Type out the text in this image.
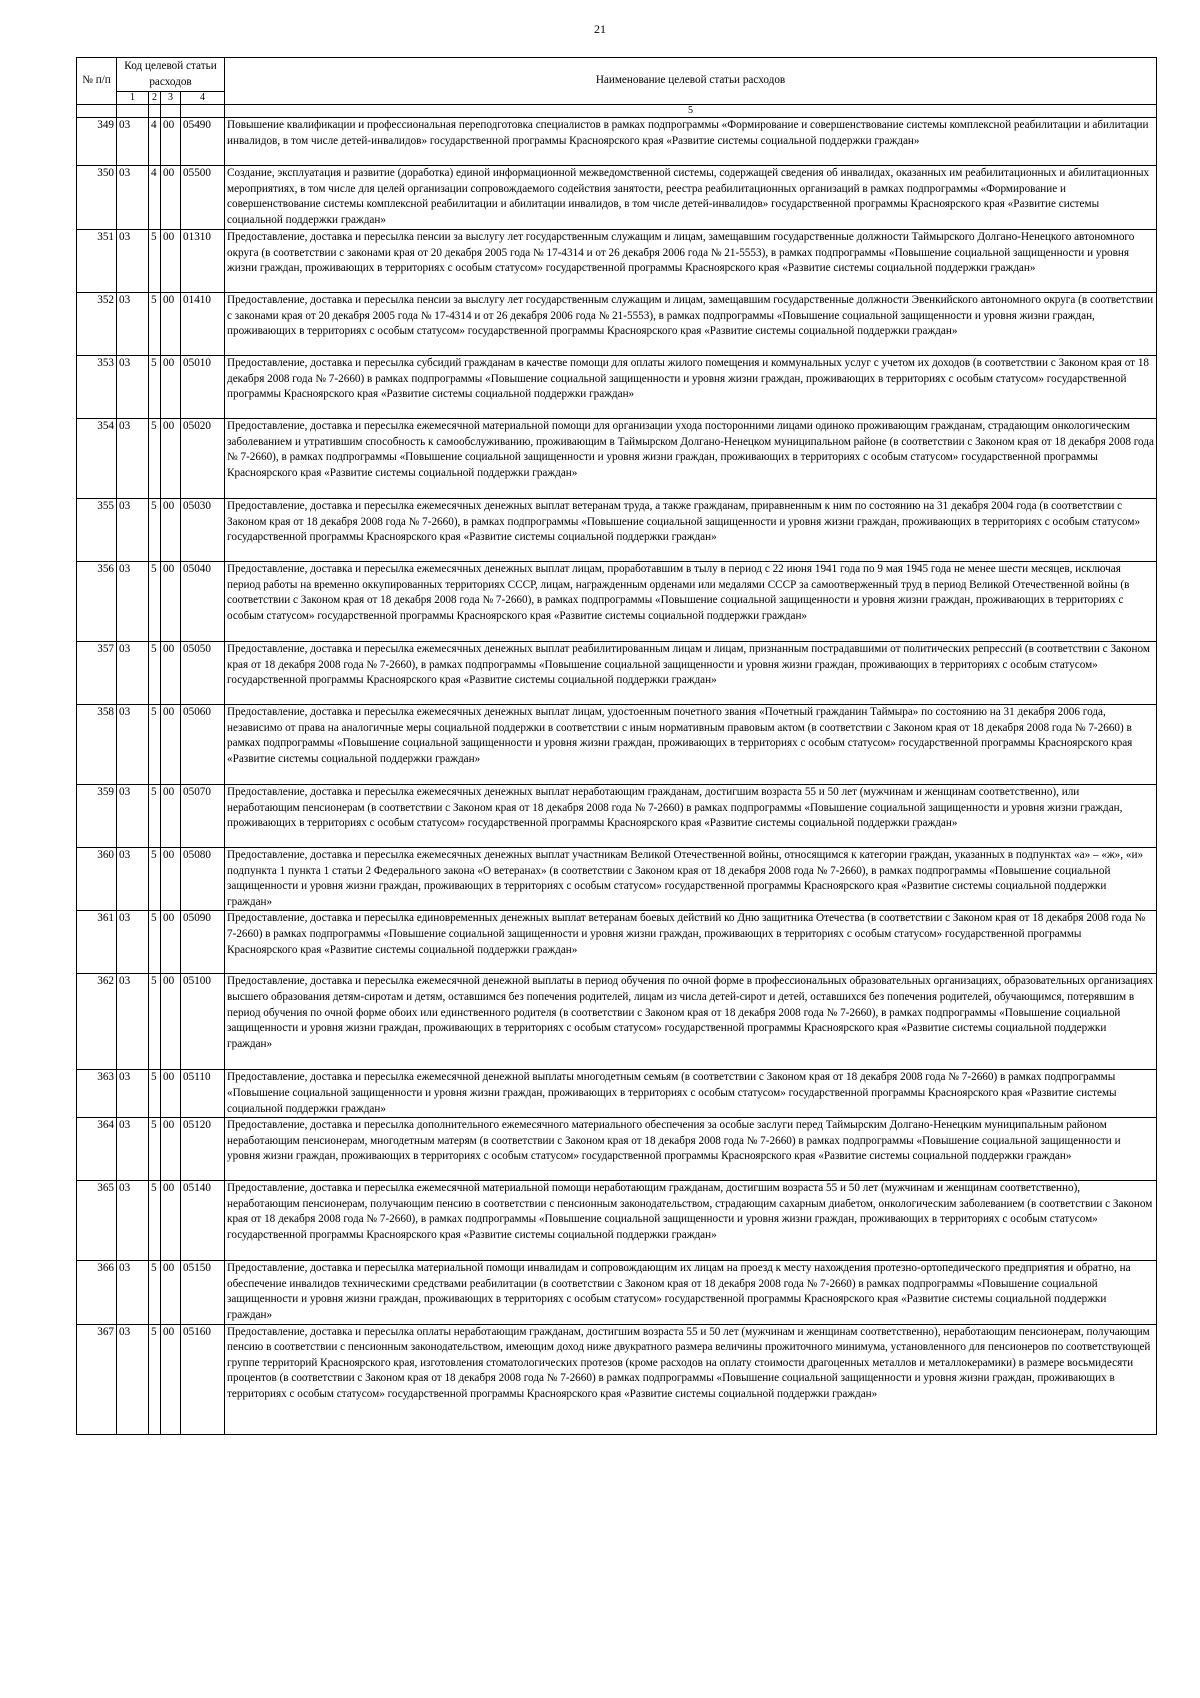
21
№ п/п	Код целевой статьи расходов				Наименование целевой статьи расходов
	1	2	3	4	
					5
349	03	4	00	05490	Повышение квалификации и профессиональная переподготовка специалистов в рамках подпрограммы «Формирование и совершенствование системы комплексной реабилитации и абилитации инвалидов, в том числе детей-инвалидов» государственной программы Красноярского края «Развитие системы социальной поддержки граждан»
350	03	4	00	05500	Создание, эксплуатация и развитие (доработка) единой информационной межведомственной системы, содержащей сведения об инвалидах, оказанных им реабилитационных и абилитационных мероприятиях, в том числе для целей организации сопровождаемого содействия занятости, реестра реабилитационных организаций в рамках подпрограммы «Формирование и совершенствование системы комплексной реабилитации и абилитации инвалидов, в том числе детей-инвалидов» государственной программы Красноярского края «Развитие системы социальной поддержки граждан»
351	03	5	00	01310	Предоставление, доставка и пересылка пенсии за выслугу лет государственным служащим и лицам, замещавшим государственные должности Таймырского Долгано-Ненецкого автономного округа (в соответствии с законами края от 20 декабря 2005 года № 17-4314 и от 26 декабря 2006 года № 21-5553), в рамках подпрограммы «Повышение социальной защищенности и уровня жизни граждан, проживающих в территориях с особым статусом» государственной программы Красноярского края «Развитие системы социальной поддержки граждан»
352	03	5	00	01410	Предоставление, доставка и пересылка пенсии за выслугу лет государственным служащим и лицам, замещавшим государственные должности Эвенкийского автономного округа (в соответствии с законами края от 20 декабря 2005 года № 17-4314 и от 26 декабря 2006 года № 21-5553), в рамках подпрограммы «Повышение социальной защищенности и уровня жизни граждан, проживающих в территориях с особым статусом» государственной программы Красноярского края «Развитие системы социальной поддержки граждан»
353	03	5	00	05010	Предоставление, доставка и пересылка субсидий гражданам в качестве помощи для оплаты жилого помещения и коммунальных услуг с учетом их доходов (в соответствии с Законом края от 18 декабря 2008 года № 7-2660) в рамках подпрограммы «Повышение социальной защищенности и уровня жизни граждан, проживающих в территориях с особым статусом» государственной программы Красноярского края «Развитие системы социальной поддержки граждан»
354	03	5	00	05020	Предоставление, доставка и пересылка ежемесячной материальной помощи для организации ухода посторонними лицами одиноко проживающим гражданам, страдающим онкологическим заболеванием и утратившим способность к самообслуживанию, проживающим в Таймырском Долгано-Ненецком муниципальном районе (в соответствии с Законом края от 18 декабря 2008 года № 7-2660), в рамках подпрограммы «Повышение социальной защищенности и уровня жизни граждан, проживающих в территориях с особым статусом» государственной программы Красноярского края «Развитие системы социальной поддержки граждан»
355	03	5	00	05030	Предоставление, доставка и пересылка ежемесячных денежных выплат ветеранам труда, а также гражданам, приравненным к ним по состоянию на 31 декабря 2004 года (в соответствии с Законом края от 18 декабря 2008 года № 7-2660), в рамках подпрограммы «Повышение социальной защищенности и уровня жизни граждан, проживающих в территориях с особым статусом» государственной программы Красноярского края «Развитие системы социальной поддержки граждан»
356	03	5	00	05040	Предоставление, доставка и пересылка ежемесячных денежных выплат лицам, проработавшим в тылу в период с 22 июня 1941 года по 9 мая 1945 года не менее шести месяцев, исключая период работы на временно оккупированных территориях СССР, лицам, награжденным орденами или медалями СССР за самоотверженный труд в период Великой Отечественной войны (в соответствии с Законом края от 18 декабря 2008 года № 7-2660), в рамках подпрограммы «Повышение социальной защищенности и уровня жизни граждан, проживающих в территориях с особым статусом» государственной программы Красноярского края «Развитие системы социальной поддержки граждан»
357	03	5	00	05050	Предоставление, доставка и пересылка ежемесячных денежных выплат реабилитированным лицам и лицам, признанным пострадавшими от политических репрессий (в соответствии с Законом края от 18 декабря 2008 года № 7-2660), в рамках подпрограммы «Повышение социальной защищенности и уровня жизни граждан, проживающих в территориях с особым статусом» государственной программы Красноярского края «Развитие системы социальной поддержки граждан»
358	03	5	00	05060	Предоставление, доставка и пересылка ежемесячных денежных выплат лицам, удостоенным почетного звания «Почетный гражданин Таймыра» по состоянию на 31 декабря 2006 года, независимо от права на аналогичные меры социальной поддержки в соответствии с иным нормативным правовым актом (в соответствии с Законом края от 18 декабря 2008 года № 7-2660) в рамках подпрограммы «Повышение социальной защищенности и уровня жизни граждан, проживающих в территориях с особым статусом» государственной программы Красноярского края «Развитие системы социальной поддержки граждан»
359	03	5	00	05070	Предоставление, доставка и пересылка ежемесячных денежных выплат неработающим гражданам, достигшим возраста 55 и 50 лет (мужчинам и женщинам соответственно), или неработающим пенсионерам (в соответствии с Законом края от 18 декабря 2008 года № 7-2660) в рамках подпрограммы «Повышение социальной защищенности и уровня жизни граждан, проживающих в территориях с особым статусом» государственной программы Красноярского края «Развитие системы социальной поддержки граждан»
360	03	5	00	05080	Предоставление, доставка и пересылка ежемесячных денежных выплат участникам Великой Отечественной войны, относящимся к категории граждан, указанных в подпунктах «а» – «ж», «и» подпункта 1 пункта 1 статьи 2 Федерального закона «О ветеранах» (в соответствии с Законом края от 18 декабря 2008 года № 7-2660), в рамках подпрограммы «Повышение социальной защищенности и уровня жизни граждан, проживающих в территориях с особым статусом» государственной программы Красноярского края «Развитие системы социальной поддержки граждан»
361	03	5	00	05090	Предоставление, доставка и пересылка единовременных денежных выплат ветеранам боевых действий ко Дню защитника Отечества (в соответствии с Законом края от 18 декабря 2008 года № 7-2660) в рамках подпрограммы «Повышение социальной защищенности и уровня жизни граждан, проживающих в территориях с особым статусом» государственной программы Красноярского края «Развитие системы социальной поддержки граждан»
362	03	5	00	05100	Предоставление, доставка и пересылка ежемесячной денежной выплаты в период обучения по очной форме в профессиональных образовательных организациях, образовательных организациях высшего образования детям-сиротам и детям, оставшимся без попечения родителей, лицам из числа детей-сирот и детей, оставшихся без попечения родителей, обучающимся, потерявшим в период обучения по очной форме обоих или единственного родителя (в соответствии с Законом края от 18 декабря 2008 года № 7-2660), в рамках подпрограммы «Повышение социальной защищенности и уровня жизни граждан, проживающих в территориях с особым статусом» государственной программы Красноярского края «Развитие системы социальной поддержки граждан»
363	03	5	00	05110	Предоставление, доставка и пересылка ежемесячной денежной выплаты многодетным семьям (в соответствии с Законом края от 18 декабря 2008 года № 7-2660) в рамках подпрограммы «Повышение социальной защищенности и уровня жизни граждан, проживающих в территориях с особым статусом» государственной программы Красноярского края «Развитие системы социальной поддержки граждан»
364	03	5	00	05120	Предоставление, доставка и пересылка дополнительного ежемесячного материального обеспечения за особые заслуги перед Таймырским Долгано-Ненецким муниципальным районом неработающим пенсионерам, многодетным матерям (в соответствии с Законом края от 18 декабря 2008 года № 7-2660) в рамках подпрограммы «Повышение социальной защищенности и уровня жизни граждан, проживающих в территориях с особым статусом» государственной программы Красноярского края «Развитие системы социальной поддержки граждан»
365	03	5	00	05140	Предоставление, доставка и пересылка ежемесячной материальной помощи неработающим гражданам, достигшим возраста 55 и 50 лет (мужчинам и женщинам соответственно), неработающим пенсионерам, получающим пенсию в соответствии с пенсионным законодательством, страдающим сахарным диабетом, онкологическим заболеванием (в соответствии с Законом края от 18 декабря 2008 года № 7-2660), в рамках подпрограммы «Повышение социальной защищенности и уровня жизни граждан, проживающих в территориях с особым статусом» государственной программы Красноярского края «Развитие системы социальной поддержки граждан»
366	03	5	00	05150	Предоставление, доставка и пересылка материальной помощи инвалидам и сопровождающим их лицам на проезд к месту нахождения протезно-ортопедического предприятия и обратно, на обеспечение инвалидов техническими средствами реабилитации (в соответствии с Законом края от 18 декабря 2008 года № 7-2660) в рамках подпрограммы «Повышение социальной защищенности и уровня жизни граждан, проживающих в территориях с особым статусом» государственной программы Красноярского края «Развитие системы социальной поддержки граждан»
367	03	5	00	05160	Предоставление, доставка и пересылка оплаты неработающим гражданам, достигшим возраста 55 и 50 лет (мужчинам и женщинам соответственно), неработающим пенсионерам, получающим пенсию в соответствии с пенсионным законодательством, имеющим доход ниже двукратного размера величины прожиточного минимума, установленного для пенсионеров по соответствующей группе территорий Красноярского края, изготовления стоматологических протезов (кроме расходов на оплату стоимости драгоценных металлов и металлокерамики) в размере восьмидесяти процентов (в соответствии с Законом края от 18 декабря 2008 года № 7-2660) в рамках подпрограммы «Повышение социальной защищенности и уровня жизни граждан, проживающих в территориях с особым статусом» государственной программы Красноярского края «Развитие системы социальной поддержки граждан»
